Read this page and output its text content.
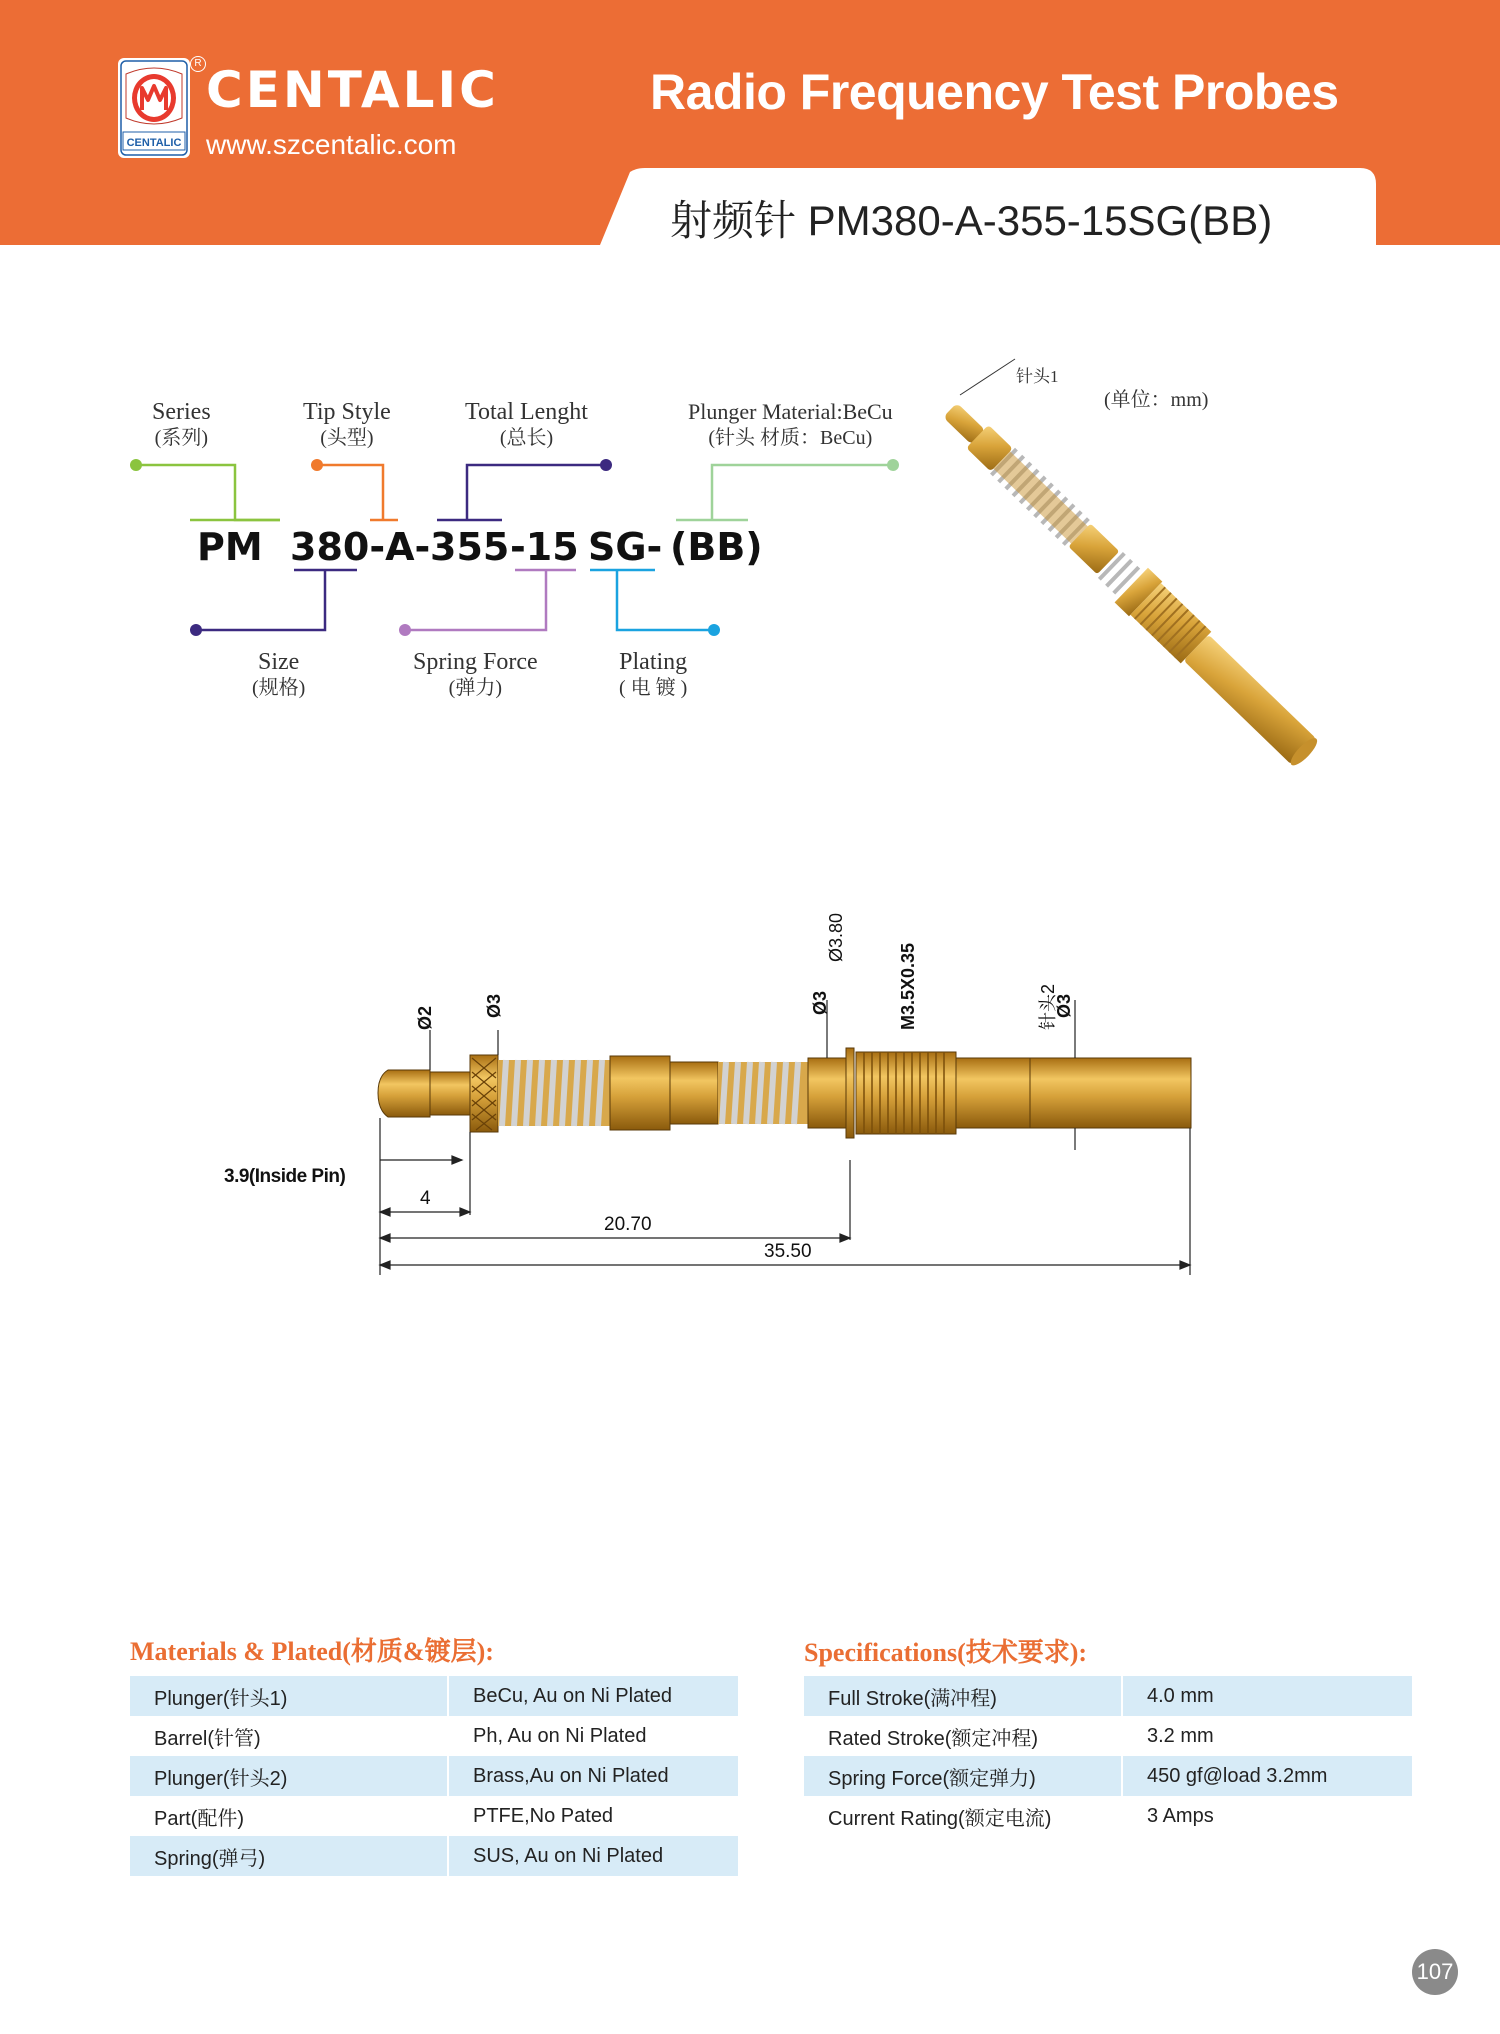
CENTALIC
R CENTALIC
www.szcentalic.com
Radio Frequency Test Probes
射频针 PM380-A-355-15SG(BB)
Series
(系列)
Tip Style
(头型)
Total Lenght
(总长)
Plunger Material:BeCu
(针头 材质：BeCu)
PM 380-A- 355 -15 SG- (BB)
Size
(规格)
Spring Force
(弹力)
Plating
( 电 镀 )
针头1
(单位：mm)
Ø2	Ø3
Ø3.80
Ø3	M3.5X0.35	针头2
Ø3
3.9(Inside Pin)
4
20.70
35.50
Materials & Plated(材质&镀层):
Plunger(针头1)	BeCu, Au on Ni Plated
Barrel(针管)	Ph, Au on Ni Plated
Plunger(针头2)	Brass,Au on Ni Plated
Part(配件)	PTFE,No Pated
Spring(弹弓)	SUS, Au on Ni Plated
Specifications(技术要求):
Full Stroke(满冲程)	4.0 mm
Rated Stroke(额定冲程)	3.2 mm
Spring Force(额定弹力)	450 gf@load 3.2mm
Current Rating(额定电流)	3 Amps
107
